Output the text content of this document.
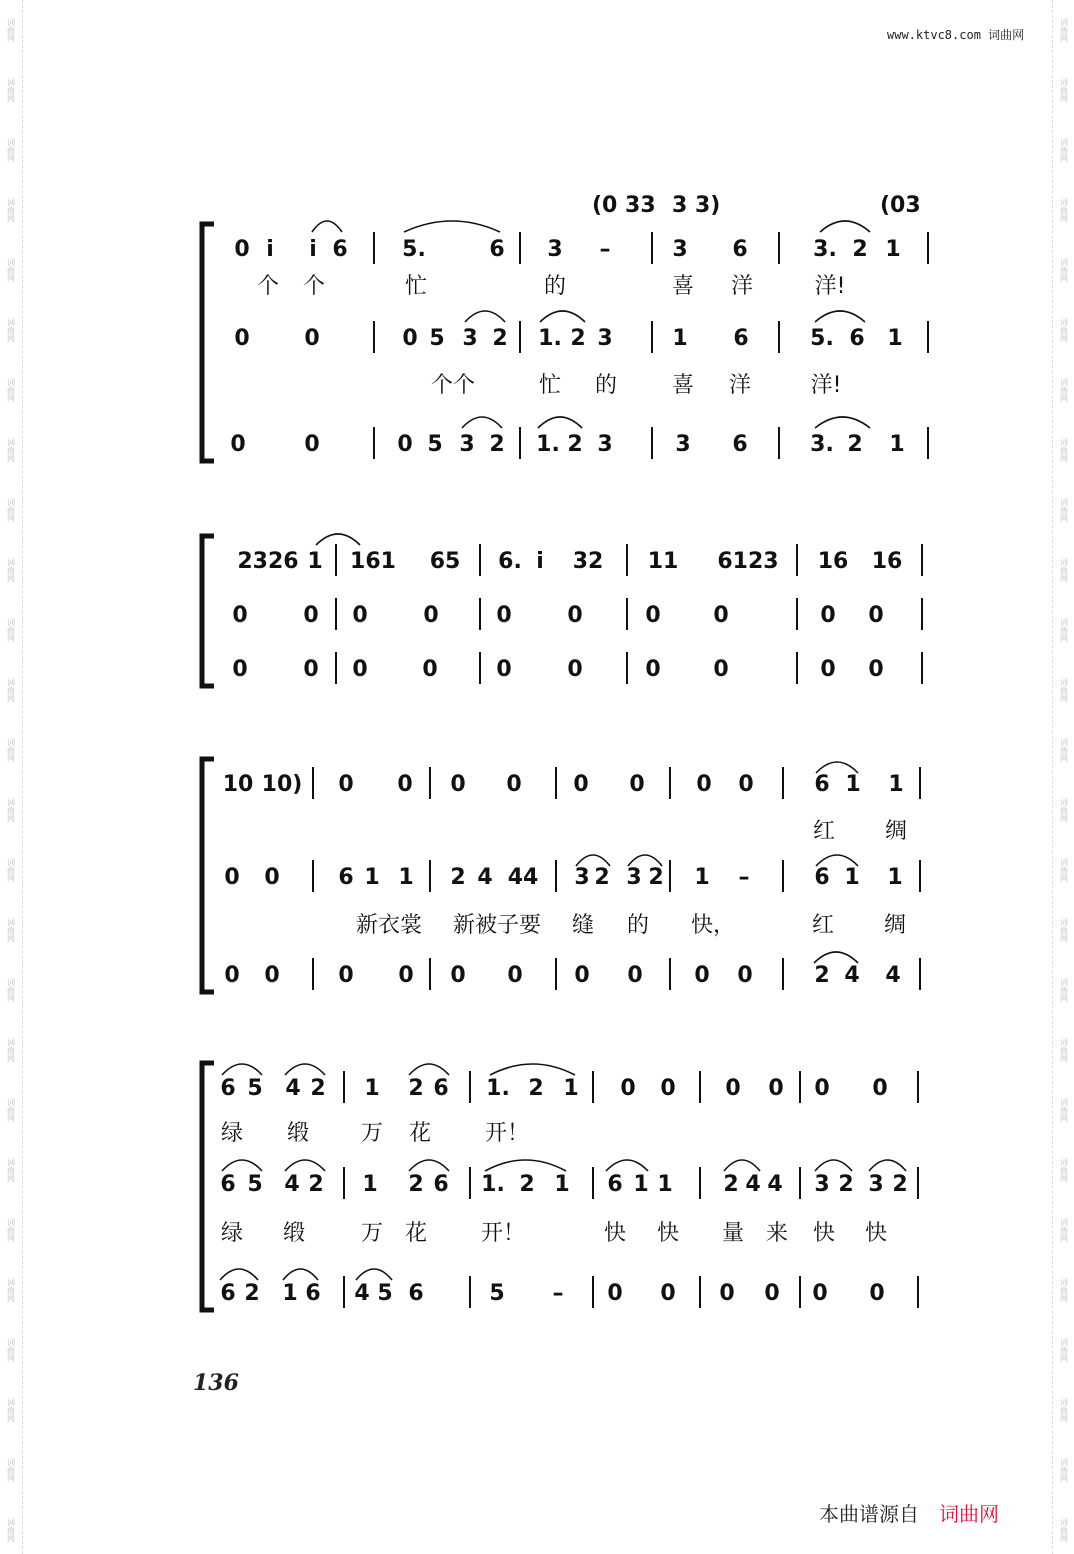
词曲网
词曲网
词曲网
词曲网
词曲网
词曲网
词曲网
词曲网
词曲网
词曲网
词曲网
词曲网
词曲网
词曲网
词曲网
词曲网
词曲网
词曲网
词曲网
词曲网
词曲网
词曲网
词曲网
词曲网
词曲网
词曲网
词曲网
词曲网
词曲网
词曲网
词曲网
词曲网
词曲网
词曲网
词曲网
词曲网
词曲网
词曲网
词曲网
词曲网
词曲网
词曲网
词曲网
词曲网
词曲网
词曲网
词曲网
词曲网
词曲网
词曲网
词曲网
词曲网
www.ktvc8.com 词曲网
(0 33 3 3)	(03
0 i i 6 5.	6 3 –	3 6	3. 2 1
个 个	忙	的	喜 洋	洋!
0 0	0 5 3 2 1. 2 3	1 6	5. 6 1
个个	忙 的 喜 洋	洋!
0	0	0 5 3 2 1. 2 3	3 6	3. 2 1
2326 1 161 65 6. i 32 11 6123 16 16
0	0 0	0	0	0	0 0	0 0
0	0 0 0	0	0	0 0	0 0
10 10) 0 0 0 0 0 0 0 0	6 1 1
红 绸
0 0	6 1 1 2 4 44 3 2 3 2 1 –	6 1 1
新衣裳 新被子要 缝 的 快，	红 绸
0 0	0 0 0 0 0 0 0 0	2 4 4
6 5 4 2 1 2 6 1. 2 1 0 0 0 0 0 0
绿 缎 万 花 开！
6 5 4 2 1 2 6 1. 2 1 6 1 1 2 4 4 3 2 3 2
绿 缎	万 花 开！	快 快 量 来 快 快
6 2 1 6 4 5 6	5 – 0 0 0 0 0 0
136
本曲谱源自 词曲网
